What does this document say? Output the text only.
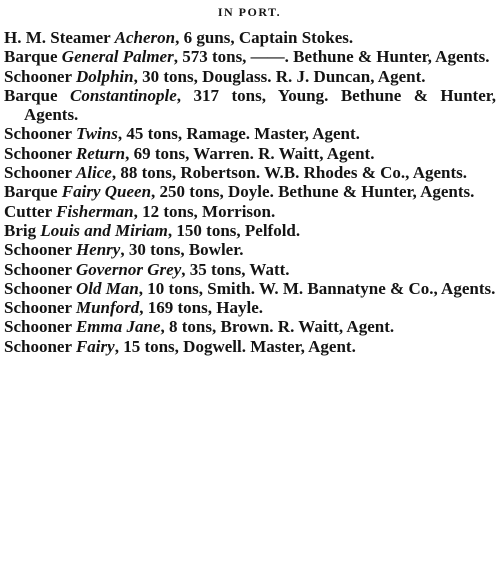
IN PORT.
H. M. Steamer Acheron, 6 guns, Captain Stokes.
Barque General Palmer, 573 tons, ——. Bethune & Hunter, Agents.
Schooner Dolphin, 30 tons, Douglass. R. J. Duncan, Agent.
Barque Constantinople, 317 tons, Young. Bethune & Hunter, Agents.
Schooner Twins, 45 tons, Ramage. Master, Agent.
Schooner Return, 69 tons, Warren. R. Waitt, Agent.
Schooner Alice, 88 tons, Robertson. W.B. Rhodes & Co., Agents.
Barque Fairy Queen, 250 tons, Doyle. Bethune & Hunter, Agents.
Cutter Fisherman, 12 tons, Morrison.
Brig Louis and Miriam, 150 tons, Pelfold.
Schooner Henry, 30 tons, Bowler.
Schooner Governor Grey, 35 tons, Watt.
Schooner Old Man, 10 tons, Smith. W. M. Bannatyne & Co., Agents.
Schooner Munford, 169 tons, Hayle.
Schooner Emma Jane, 8 tons, Brown. R. Waitt, Agent.
Schooner Fairy, 15 tons, Dogwell. Master, Agent.
